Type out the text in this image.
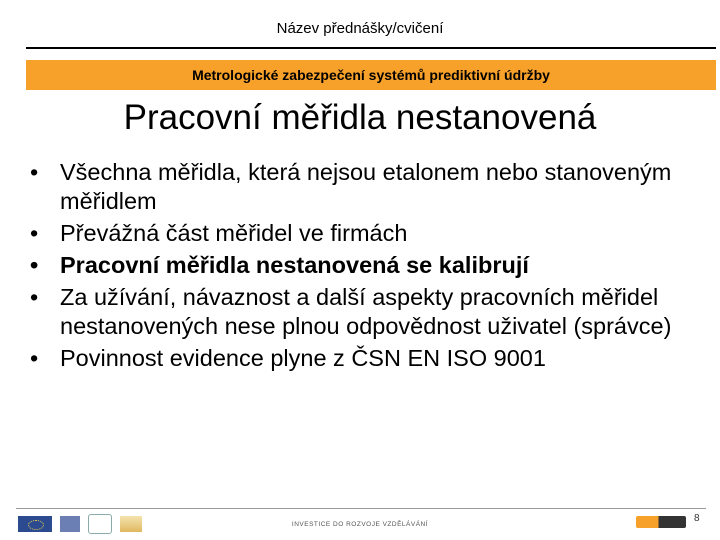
Název přednášky/cvičení
Metrologické zabezpečení systémů prediktivní údržby
Pracovní měřidla nestanovená
• Všechna měřidla, která nejsou etalonem nebo stanoveným měřidlem
• Převážná část měřidel ve firmách
• Pracovní měřidla nestanovená se kalibrují
• Za užívání, návaznost a další aspekty pracovních měřidel nestanovených nese plnou odpovědnost uživatel (správce)
• Povinnost evidence plyne z ČSN EN ISO 9001
INVESTICE DO ROZVOJE VZDĚLÁVÁNÍ
8
